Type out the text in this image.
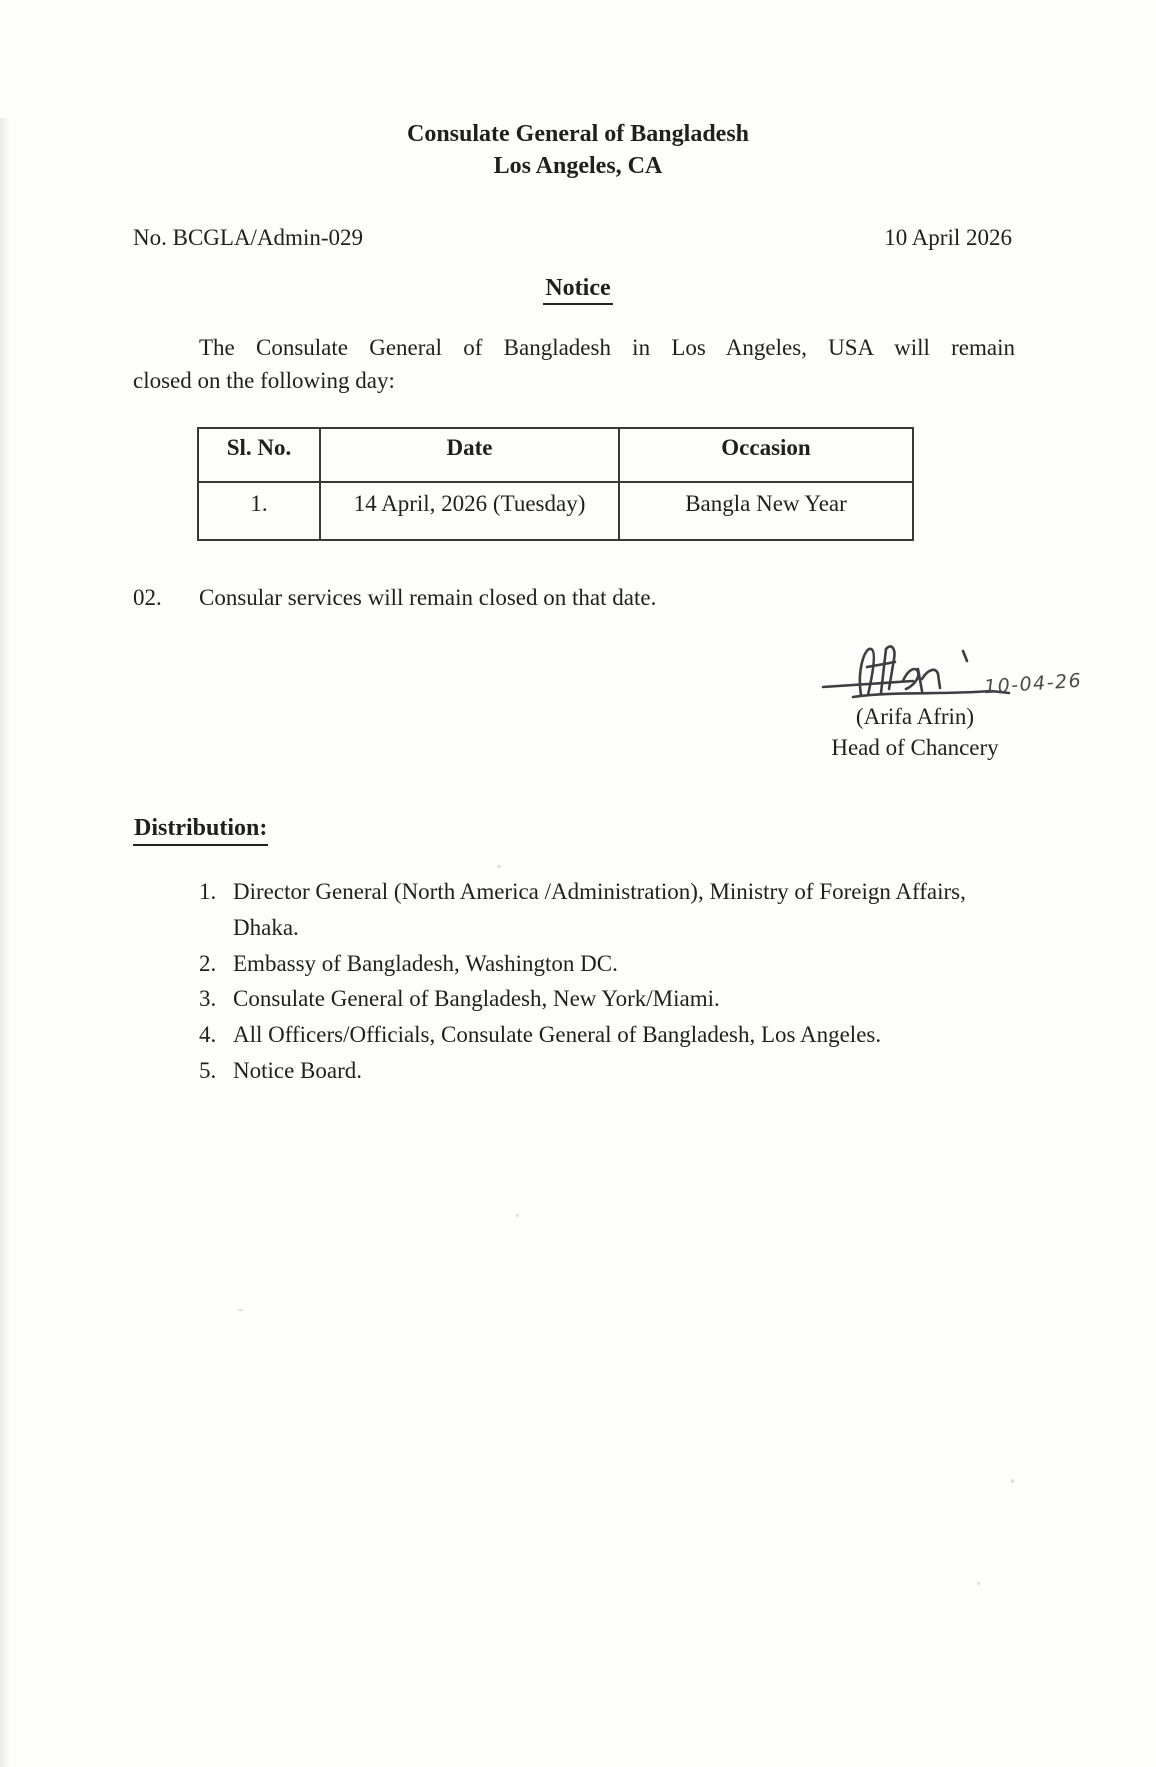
Consulate General of Bangladesh
Los Angeles, CA
No. BCGLA/Admin-029	10 April 2026
Notice
The Consulate General of Bangladesh in Los Angeles, USA will remain
closed on the following day:
Sl. No.	Date	Occasion
1.	14 April, 2026 (Tuesday)	Bangla New Year
02.	Consular services will remain closed on that date.
10-04-26
(Arifa Afrin)
Head of Chancery
Distribution:
1. Director General (North America /Administration), Ministry of Foreign Affairs, Dhaka.
2. Embassy of Bangladesh, Washington DC.
3. Consulate General of Bangladesh, New York/Miami.
4. All Officers/Officials, Consulate General of Bangladesh, Los Angeles.
5. Notice Board.
